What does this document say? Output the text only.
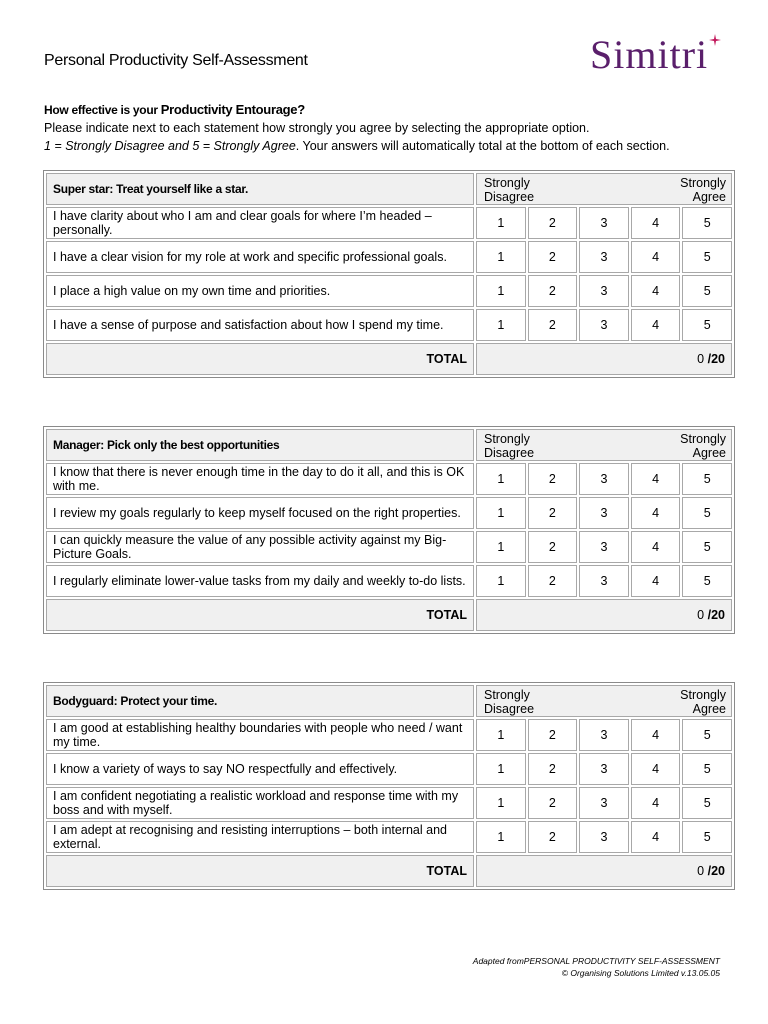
Personal Productivity Self-Assessment	Simitri
How effective is your Productivity Entourage?
Please indicate next to each statement how strongly you agree by selecting the appropriate option.
1 = Strongly Disagree and 5 = Strongly Agree. Your answers will automatically total at the bottom of each section.
Super star: Treat yourself like a star.	Strongly
Disagree
Strongly
Agree				

I have clarity about who I am and clear goals for where I’m headed – personally.	1	2	3	4	5
I have a clear vision for my role at work and specific professional goals.	1	2	3	4	5
I place a high value on my own time and priorities.	1	2	3	4	5
I have a sense of purpose and satisfaction about how I spend my time.	1	2	3	4	5
TOTAL	0 /20				
Manager: Pick only the best opportunities	Strongly
Disagree
Strongly
Agree				

I know that there is never enough time in the day to do it all, and this is OK with me.	1	2	3	4	5
I review my goals regularly to keep myself focused on the right properties.	1	2	3	4	5
I can quickly measure the value of any possible activity against my Big-Picture Goals.	1	2	3	4	5
I regularly eliminate lower-value tasks from my daily and weekly to-do lists.	1	2	3	4	5
TOTAL	0 /20				
Bodyguard: Protect your time.	Strongly
Disagree
Strongly
Agree				

I am good at establishing healthy boundaries with people who need / want my time.	1	2	3	4	5
I know a variety of ways to say NO respectfully and effectively.	1	2	3	4	5
I am confident negotiating a realistic workload and response time with my boss and with myself.	1	2	3	4	5
I am adept at recognising and resisting interruptions – both internal and external.	1	2	3	4	5
TOTAL	0 /20				
Adapted fromPERSONAL PRODUCTIVITY SELF-ASSESSMENT
© Organising Solutions Limited v.13.05.05
